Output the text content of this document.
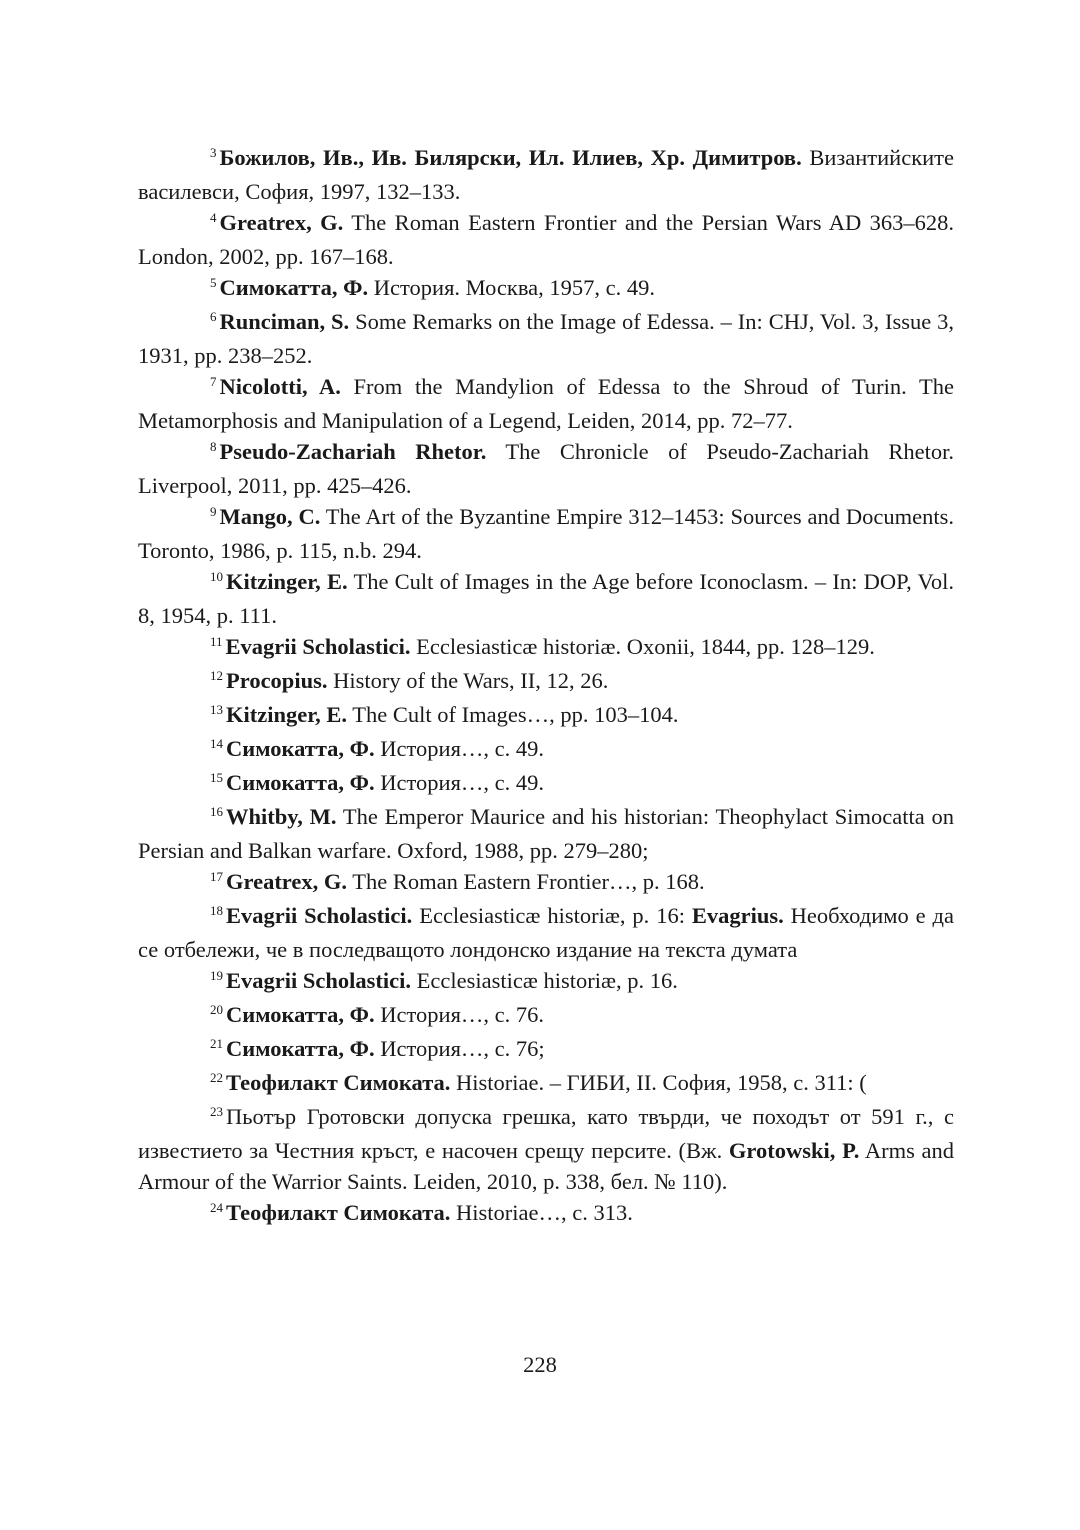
$^3$ Божилов, Ив., Ив. Билярски, Ил. Илиев, Хр. Димитров. Византийските василевси, София, 1997, 132–133.

$^4$ Greatrex, G. The Roman Eastern Frontier and the Persian Wars AD 363–628. London, 2002, pp. 167–168.

$^5$ Симокатта, Ф. История. Москва, 1957, с. 49.

$^6$ Runciman, S. Some Remarks on the Image of Edessa. – In: CHJ, Vol. 3, Issue 3, 1931, pp. 238–252.

$^7$ Nicolotti, A. From the Mandylion of Edessa to the Shroud of Turin. The Metamorphosis and Manipulation of a Legend, Leiden, 2014, pp. 72–77.

$^8$ Pseudo-Zachariah Rhetor. The Chronicle of Pseudo-Zachariah Rhetor. Liverpool, 2011, pp. 425–426.

$^9$ Mango, C. The Art of the Byzantine Empire 312–1453: Sources and Documents. Toronto, 1986, p. 115, n.b. 294.

$^{10}$ Kitzinger, E. The Cult of Images in the Age before Iconoclasm. – In: DOP, Vol. 8, 1954, p. 111.

$^{11}$ Evagrii Scholastici. Ecclesiasticæ historiæ. Oxonii, 1844, pp. 128–129.

$^{12}$ Procopius. History of the Wars, II, 12, 26.

$^{13}$ Kitzinger, E. The Cult of Images…, pp. 103–104.

$^{14}$ Симокатта, Ф. История…, с. 49.

$^{15}$ Симокатта, Ф. История…, с. 49.

$^{16}$ Whitby, M. The Emperor Maurice and his historian: Theophylact Simocatta on Persian and Balkan warfare. Oxford, 1988, pp. 279–280;

$^{17}$ Greatrex, G. The Roman Eastern Frontier…, p. 168.

$^{18}$ Evagrii Scholastici. Ecclesiasticæ historiæ, p. 16: Evagrius. Необходимо е да се отбележи, че в последващото лондонско издание на текста думата

$^{19}$ Evagrii Scholastici. Ecclesiasticæ historiæ, p. 16.

$^{20}$ Симокатта, Ф. История…, с. 76.

$^{21}$ Симокатта, Ф. История…, с. 76;

$^{22}$ Теофилакт Симоката. Historiae. – ГИБИ, II. София, 1958, с. 311: (

$^{23}$ Пьотър Гротовски допуска грешка, като твърди, че походът от 591 г., с известието за Честния кръст, е насочен срещу персите. (Вж. Grotowski, P. Arms and Armour of the Warrior Saints. Leiden, 2010, p. 338, бел. № 110).

$^{24}$ Теофилакт Симоката. Historiae…, с. 313.

228
